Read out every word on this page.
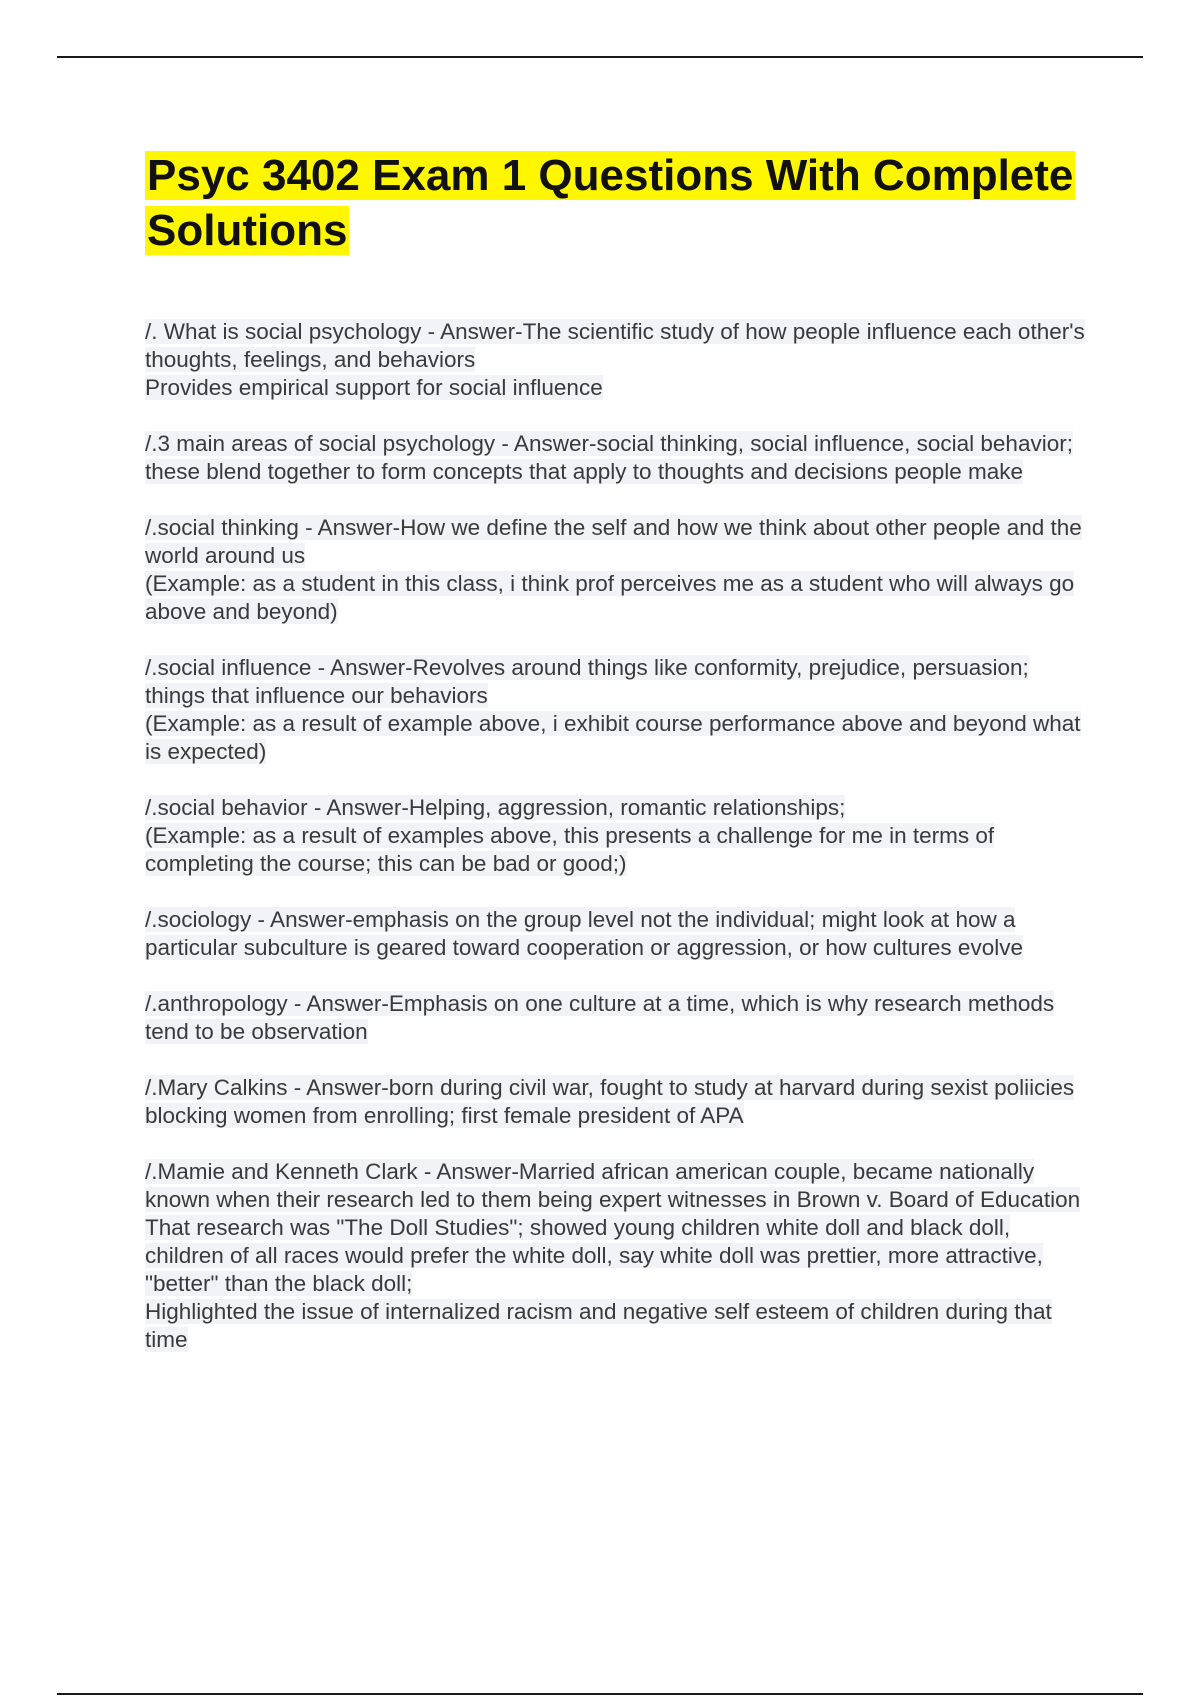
Psyc 3402 Exam 1 Questions With Complete Solutions
/. What is social psychology - Answer-The scientific study of how people influence each other's thoughts, feelings, and behaviors
Provides empirical support for social influence
/.3 main areas of social psychology - Answer-social thinking, social influence, social behavior; these blend together to form concepts that apply to thoughts and decisions people make
/.social thinking - Answer-How we define the self and how we think about other people and the world around us
(Example: as a student in this class, i think prof perceives me as a student who will always go above and beyond)
/.social influence - Answer-Revolves around things like conformity, prejudice, persuasion; things that influence our behaviors
(Example: as a result of example above, i exhibit course performance above and beyond what is expected)
/.social behavior - Answer-Helping, aggression, romantic relationships;
(Example: as a result of examples above, this presents a challenge for me in terms of completing the course; this can be bad or good;)
/.sociology - Answer-emphasis on the group level not the individual; might look at how a particular subculture is geared toward cooperation or aggression, or how cultures evolve
/.anthropology - Answer-Emphasis on one culture at a time, which is why research methods tend to be observation
/.Mary Calkins - Answer-born during civil war, fought to study at harvard during sexist poliicies blocking women from enrolling; first female president of APA
/.Mamie and Kenneth Clark - Answer-Married african american couple, became nationally known when their research led to them being expert witnesses in Brown v. Board of Education
That research was "The Doll Studies"; showed young children white doll and black doll, children of all races would prefer the white doll, say white doll was prettier, more attractive, "better" than the black doll;
Highlighted the issue of internalized racism and negative self esteem of children during that time
